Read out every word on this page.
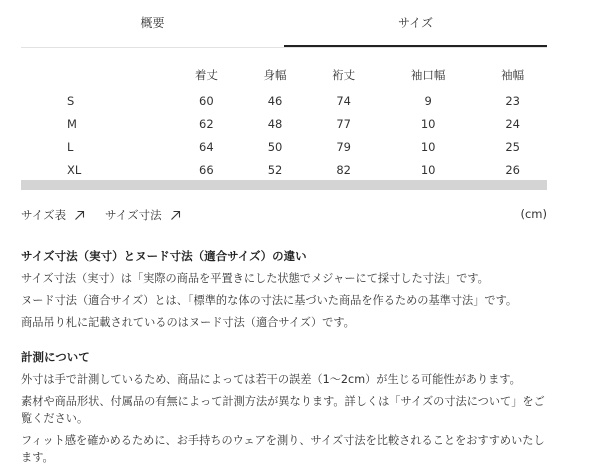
概要	サイズ
	着丈	身幅	裄丈	袖口幅	袖幅
S	60	46	74	9	23
M	62	48	77	10	24
L	64	50	79	10	25
XL	66	52	82	10	26
サイズ表	サイズ寸法	(cm)
サイズ寸法（実寸）とヌード寸法（適合サイズ）の違い

サイズ寸法（実寸）は「実際の商品を平置きにした状態でメジャーにて採寸した寸法」です。

ヌード寸法（適合サイズ）とは、「標準的な体の寸法に基づいた商品を作るための基準寸法」です。

商品吊り札に記載されているのはヌード寸法（適合サイズ）です。

計測について

外寸は手で計測しているため、商品によっては若干の誤差（1〜2cm）が生じる可能性があります。

素材や商品形状、付属品の有無によって計測方法が異なります。詳しくは「サイズの寸法について」をご覧ください。

フィット感を確かめるために、お手持ちのウェアを測り、サイズ寸法を比較されることをおすすめいたします。
